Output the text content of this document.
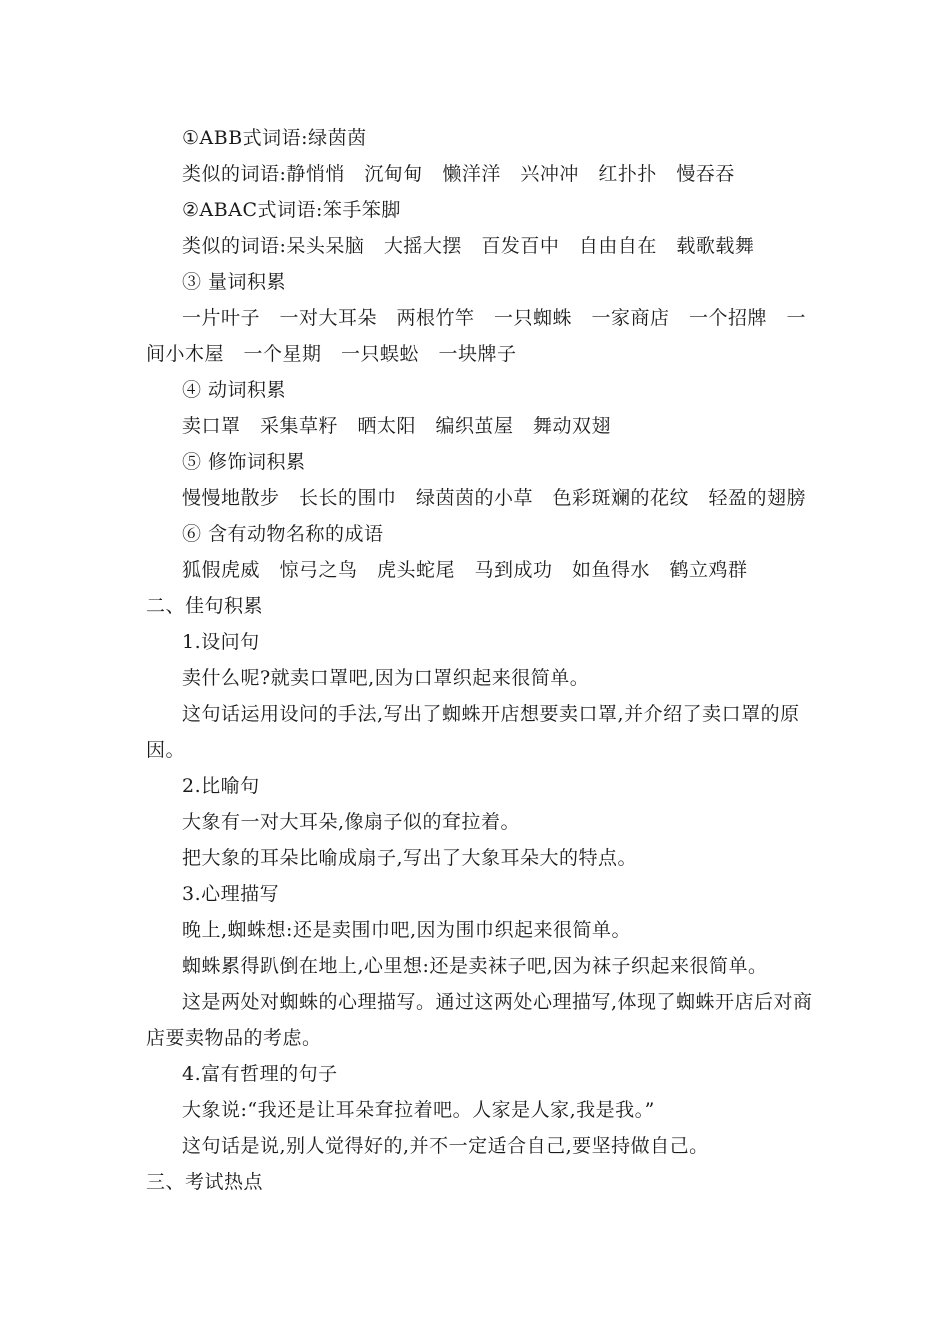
①ABB式词语:绿茵茵
类似的词语:静悄悄　沉甸甸　懒洋洋　兴冲冲　红扑扑　慢吞吞
②ABAC式词语:笨手笨脚
类似的词语:呆头呆脑　大摇大摆　百发百中　自由自在　载歌载舞
③ 量词积累
一片叶子　一对大耳朵　两根竹竿　一只蜘蛛　一家商店　一个招牌　一
间小木屋　一个星期　一只蜈蚣　一块牌子
④ 动词积累
卖口罩　采集草籽　晒太阳　编织茧屋　舞动双翅
⑤ 修饰词积累
慢慢地散步　长长的围巾　绿茵茵的小草　色彩斑斓的花纹　轻盈的翅膀
⑥ 含有动物名称的成语
狐假虎威　惊弓之鸟　虎头蛇尾　马到成功　如鱼得水　鹤立鸡群
二、佳句积累
1.设问句
卖什么呢?就卖口罩吧,因为口罩织起来很简单。
这句话运用设问的手法,写出了蜘蛛开店想要卖口罩,并介绍了卖口罩的原
因。
2.比喻句
大象有一对大耳朵,像扇子似的耷拉着。
把大象的耳朵比喻成扇子,写出了大象耳朵大的特点。
3.心理描写
晚上,蜘蛛想:还是卖围巾吧,因为围巾织起来很简单。
蜘蛛累得趴倒在地上,心里想:还是卖袜子吧,因为袜子织起来很简单。
这是两处对蜘蛛的心理描写。通过这两处心理描写,体现了蜘蛛开店后对商
店要卖物品的考虑。
4.富有哲理的句子
大象说:“我还是让耳朵耷拉着吧。人家是人家,我是我。”
这句话是说,别人觉得好的,并不一定适合自己,要坚持做自己。
三、考试热点
